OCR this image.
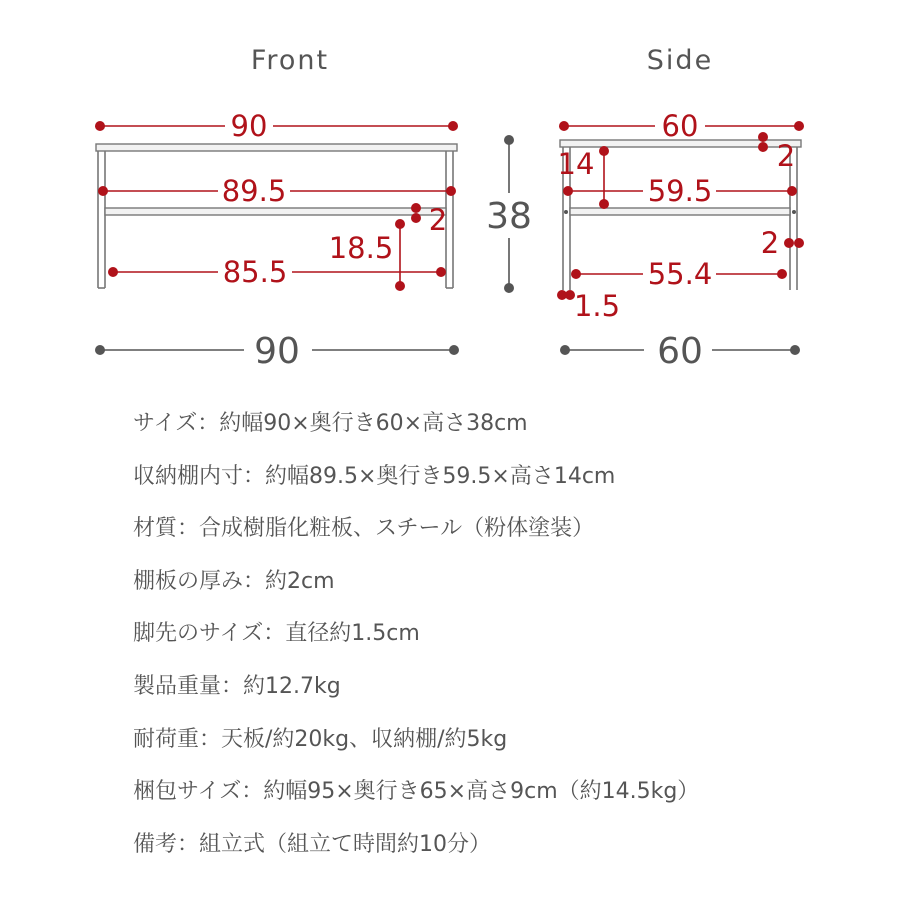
Front
90
89.5
2
18.5
85.5
90
38
Side
60
2
14
59.5
2
55.4
1.5
60
サイズ：約幅90×奥行き60×高さ38cm
収納棚内寸：約幅89.5×奥行き59.5×高さ14cm
材質：合成樹脂化粧板、スチール（粉体塗装）
棚板の厚み：約2cm
脚先のサイズ：直径約1.5cm
製品重量：約12.7kg
耐荷重：天板/約20kg、収納棚/約5kg
梱包サイズ：約幅95×奥行き65×高さ9cm（約14.5kg）
備考：組立式（組立て時間約10分）
